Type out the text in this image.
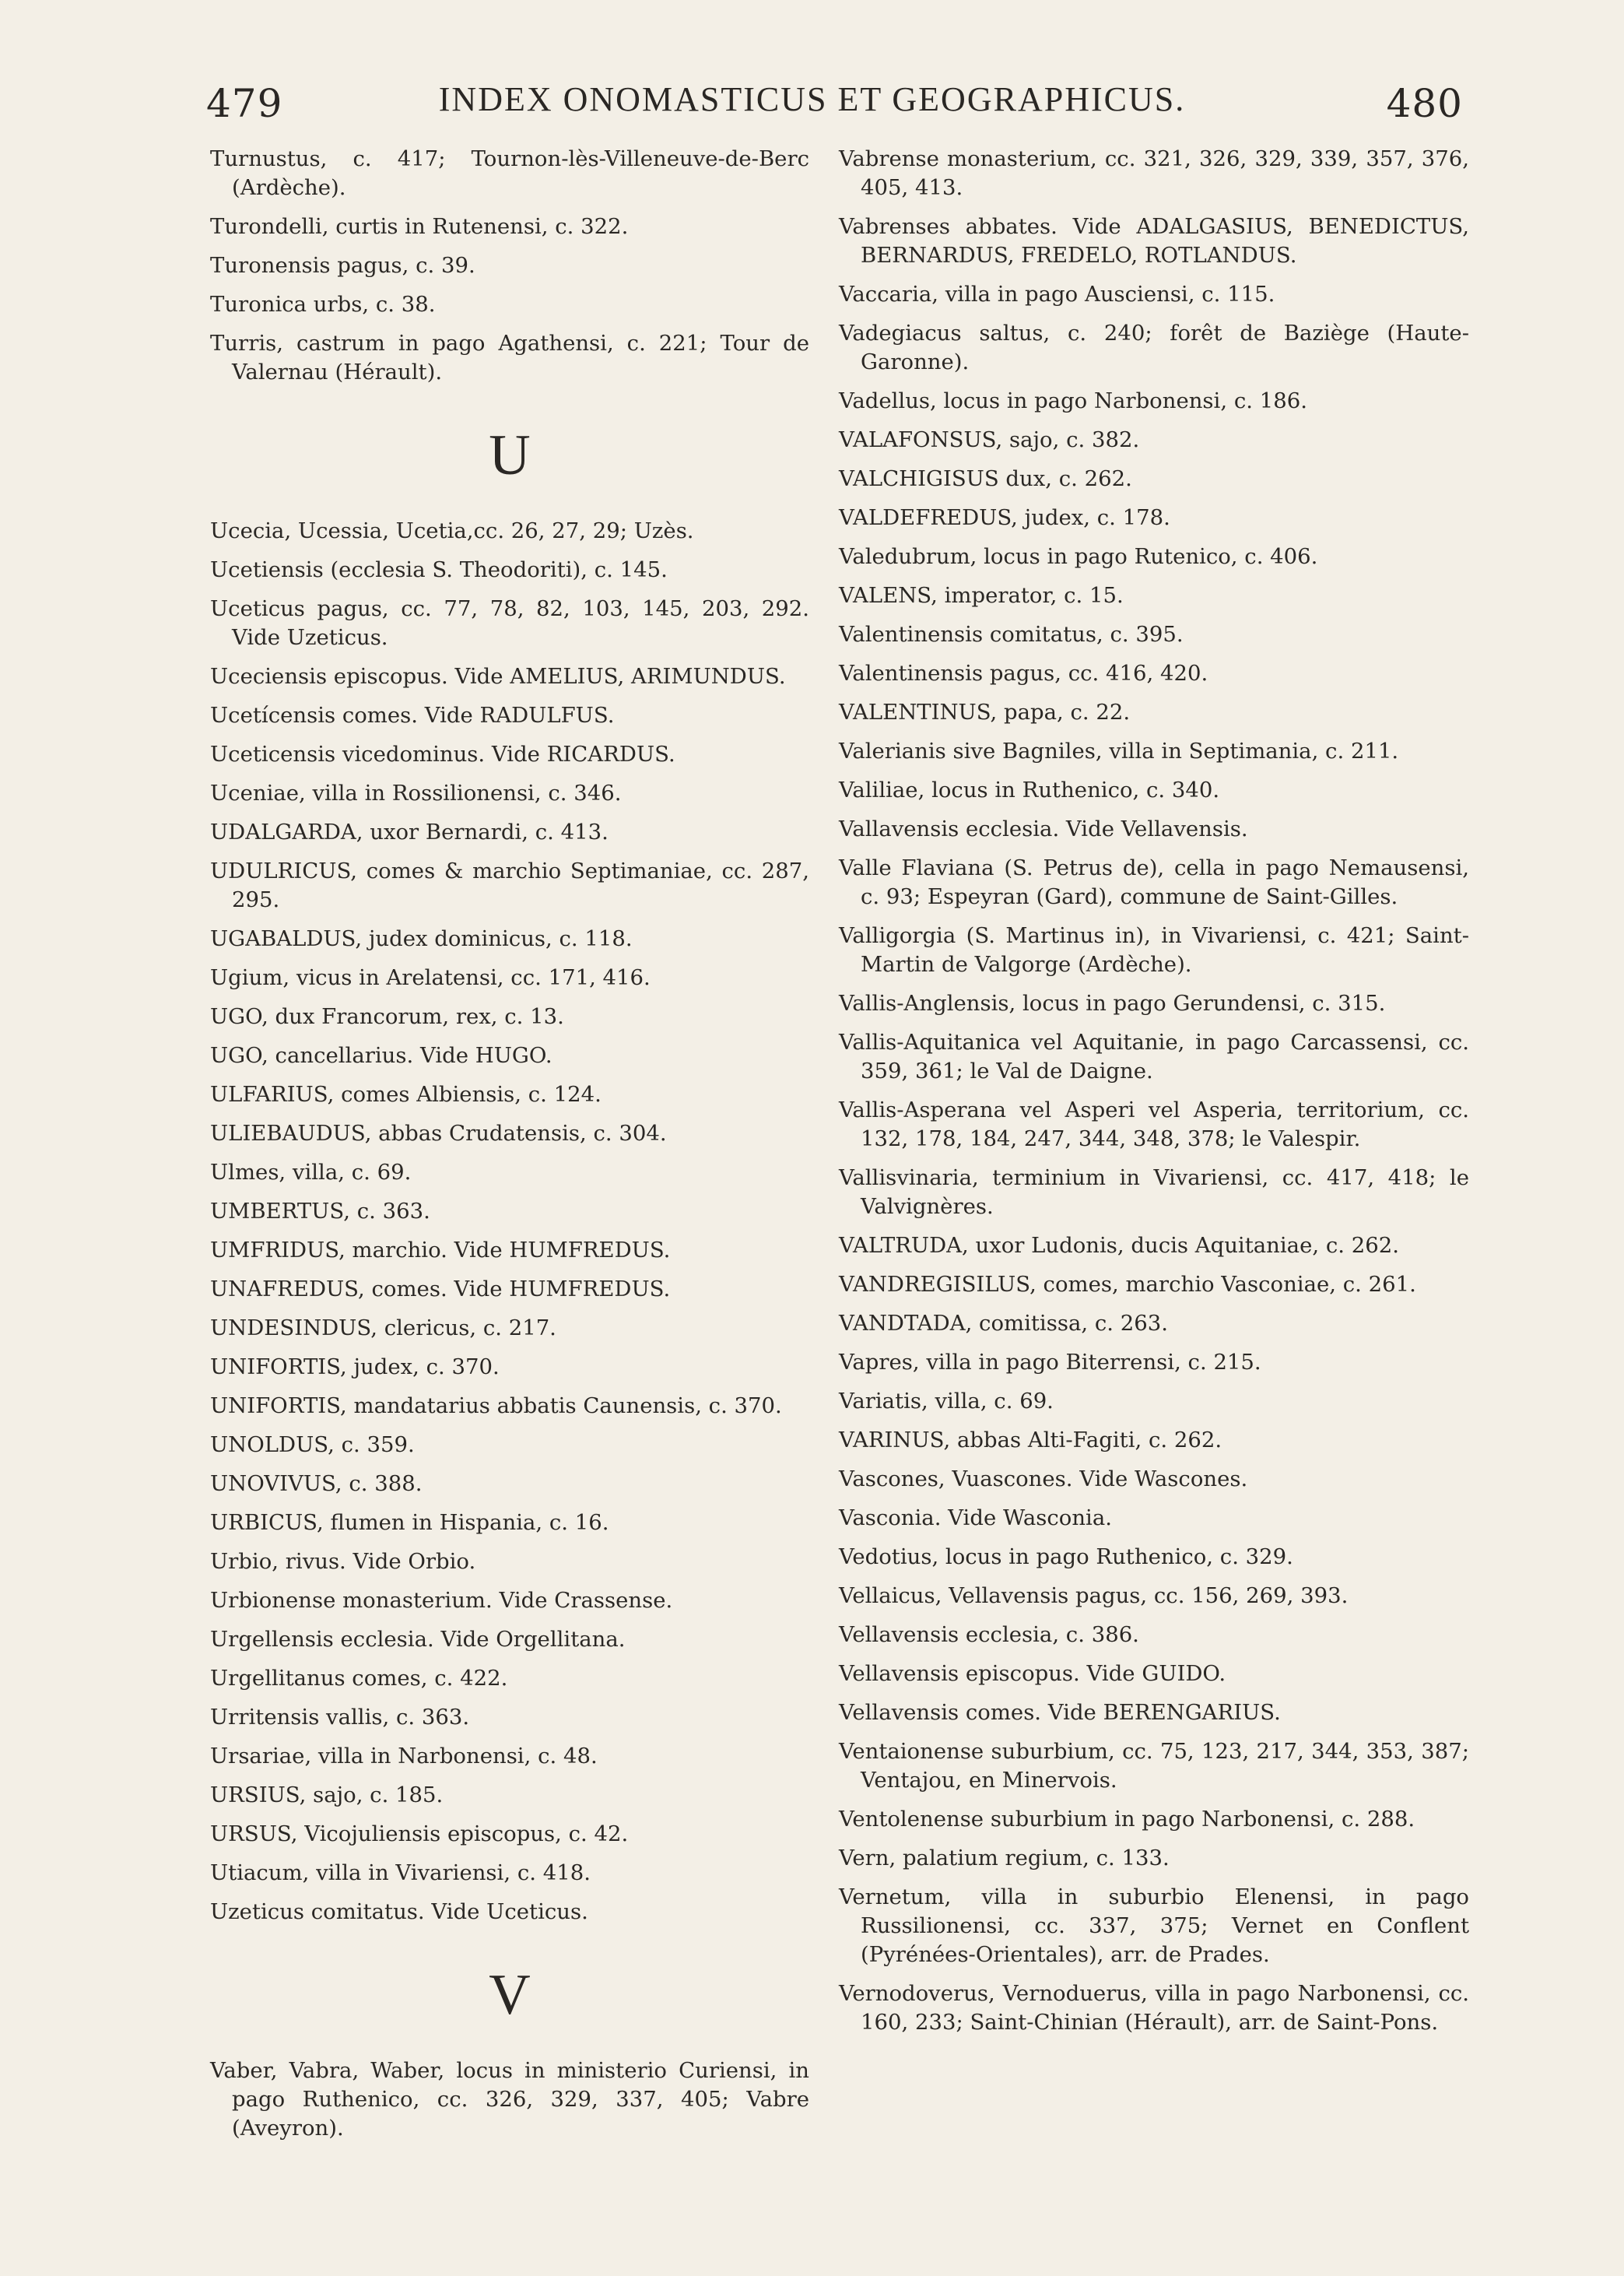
479	INDEX ONOMASTICUS ET GEOGRAPHICUS.	480
Turnustus, c. 417; Tournon-lès-Villeneuve-de-Berc (Ardèche).
Turondelli, curtis in Rutenensi, c. 322.
Turonensis pagus, c. 39.
Turonica urbs, c. 38.
Turris, castrum in pago Agathensi, c. 221; Tour de Valernau (Hérault).
U
Ucecia, Ucessia, Ucetia,cc. 26, 27, 29; Uzès.
Ucetiensis (ecclesia S. Theodoriti), c. 145.
Uceticus pagus, cc. 77, 78, 82, 103, 145, 203, 292. Vide Uzeticus.
Uceciensis episcopus. Vide AMELIUS, ARIMUNDUS.
Ucetícensis comes. Vide RADULFUS.
Uceticensis vicedominus. Vide RICARDUS.
Uceniae, villa in Rossilionensi, c. 346.
UDALGARDA, uxor Bernardi, c. 413.
UDULRICUS, comes & marchio Septimaniae, cc. 287, 295.
UGABALDUS, judex dominicus, c. 118.
Ugium, vicus in Arelatensi, cc. 171, 416.
UGO, dux Francorum, rex, c. 13.
UGO, cancellarius. Vide HUGO.
ULFARIUS, comes Albiensis, c. 124.
ULIEBAUDUS, abbas Crudatensis, c. 304.
Ulmes, villa, c. 69.
UMBERTUS, c. 363.
UMFRIDUS, marchio. Vide HUMFREDUS.
UNAFREDUS, comes. Vide HUMFREDUS.
UNDESINDUS, clericus, c. 217.
UNIFORTIS, judex, c. 370.
UNIFORTIS, mandatarius abbatis Caunensis, c. 370.
UNOLDUS, c. 359.
UNOVIVUS, c. 388.
URBICUS, flumen in Hispania, c. 16.
Urbio, rivus. Vide Orbio.
Urbionense monasterium. Vide Crassense.
Urgellensis ecclesia. Vide Orgellitana.
Urgellitanus comes, c. 422.
Urritensis vallis, c. 363.
Ursariae, villa in Narbonensi, c. 48.
URSIUS, sajo, c. 185.
URSUS, Vicojuliensis episcopus, c. 42.
Utiacum, villa in Vivariensi, c. 418.
Uzeticus comitatus. Vide Uceticus.
V
Vaber, Vabra, Waber, locus in ministerio Curiensi, in pago Ruthenico, cc. 326, 329, 337, 405; Vabre (Aveyron).
Vabrense monasterium, cc. 321, 326, 329, 339, 357, 376, 405, 413.
Vabrenses abbates. Vide ADALGASIUS, BENEDICTUS, BERNARDUS, FREDELO, ROTLANDUS.
Vaccaria, villa in pago Ausciensi, c. 115.
Vadegiacus saltus, c. 240; forêt de Baziège (Haute-Garonne).
Vadellus, locus in pago Narbonensi, c. 186.
VALAFONSUS, sajo, c. 382.
VALCHIGISUS dux, c. 262.
VALDEFREDUS, judex, c. 178.
Valedubrum, locus in pago Rutenico, c. 406.
VALENS, imperator, c. 15.
Valentinensis comitatus, c. 395.
Valentinensis pagus, cc. 416, 420.
VALENTINUS, papa, c. 22.
Valerianis sive Bagniles, villa in Septimania, c. 211.
Valiliae, locus in Ruthenico, c. 340.
Vallavensis ecclesia. Vide Vellavensis.
Valle Flaviana (S. Petrus de), cella in pago Nemausensi, c. 93; Espeyran (Gard), commune de Saint-Gilles.
Valligorgia (S. Martinus in), in Vivariensi, c. 421; Saint-Martin de Valgorge (Ardèche).
Vallis-Anglensis, locus in pago Gerundensi, c. 315.
Vallis-Aquitanica vel Aquitanie, in pago Carcassensi, cc. 359, 361; le Val de Daigne.
Vallis-Asperana vel Asperi vel Asperia, territorium, cc. 132, 178, 184, 247, 344, 348, 378; le Valespir.
Vallisvinaria, terminium in Vivariensi, cc. 417, 418; le Valvignères.
VALTRUDA, uxor Ludonis, ducis Aquitaniae, c. 262.
VANDREGISILUS, comes, marchio Vasconiae, c. 261.
VANDTADA, comitissa, c. 263.
Vapres, villa in pago Biterrensi, c. 215.
Variatis, villa, c. 69.
VARINUS, abbas Alti-Fagiti, c. 262.
Vascones, Vuascones. Vide Wascones.
Vasconia. Vide Wasconia.
Vedotius, locus in pago Ruthenico, c. 329.
Vellaicus, Vellavensis pagus, cc. 156, 269, 393.
Vellavensis ecclesia, c. 386.
Vellavensis episcopus. Vide GUIDO.
Vellavensis comes. Vide BERENGARIUS.
Ventaionense suburbium, cc. 75, 123, 217, 344, 353, 387; Ventajou, en Minervois.
Ventolenense suburbium in pago Narbonensi, c. 288.
Vern, palatium regium, c. 133.
Vernetum, villa in suburbio Elenensi, in pago Russilionensi, cc. 337, 375; Vernet en Conflent (Pyrénées-Orientales), arr. de Prades.
Vernodoverus, Vernoduerus, villa in pago Narbonensi, cc. 160, 233; Saint-Chinian (Hérault), arr. de Saint-Pons.
